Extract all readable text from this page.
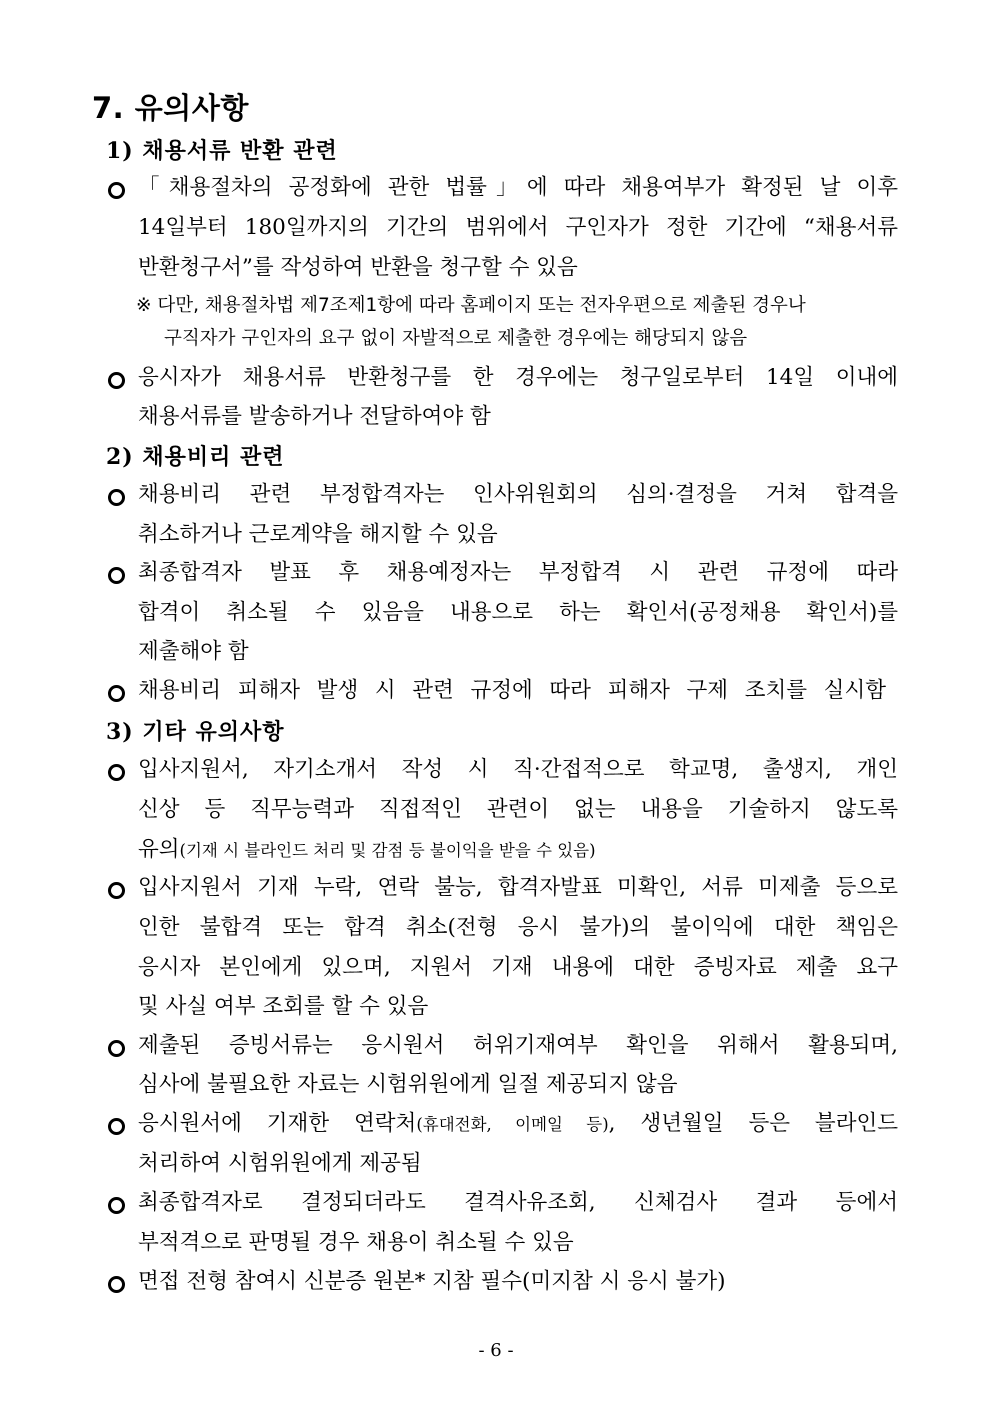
7. 유의사항
1) 채용서류 반환 관련
「채용절차의 공정화에 관한 법률」에 따라 채용여부가 확정된 날 이후
14일부터 180일까지의 기간의 범위에서 구인자가 정한 기간에 “채용서류
반환청구서”를 작성하여 반환을 청구할 수 있음
※ 다만, 채용절차법 제7조제1항에 따라 홈페이지 또는 전자우편으로 제출된 경우나
구직자가 구인자의 요구 없이 자발적으로 제출한 경우에는 해당되지 않음
응시자가 채용서류 반환청구를 한 경우에는 청구일로부터 14일 이내에
채용서류를 발송하거나 전달하여야 함
2) 채용비리 관련
채용비리 관련 부정합격자는 인사위원회의 심의·결정을 거쳐 합격을
취소하거나 근로계약을 해지할 수 있음
최종합격자 발표 후 채용예정자는 부정합격 시 관련 규정에 따라
합격이 취소될 수 있음을 내용으로 하는 확인서(공정채용 확인서)를
제출해야 함
채용비리 피해자 발생 시 관련 규정에 따라 피해자 구제 조치를 실시함
3) 기타 유의사항
입사지원서, 자기소개서 작성 시 직·간접적으로 학교명, 출생지, 개인
신상 등 직무능력과 직접적인 관련이 없는 내용을 기술하지 않도록
유의(기재 시 블라인드 처리 및 감점 등 불이익을 받을 수 있음)
입사지원서 기재 누락, 연락 불능, 합격자발표 미확인, 서류 미제출 등으로
인한 불합격 또는 합격 취소(전형 응시 불가)의 불이익에 대한 책임은
응시자 본인에게 있으며, 지원서 기재 내용에 대한 증빙자료 제출 요구
및 사실 여부 조회를 할 수 있음
제출된 증빙서류는 응시원서 허위기재여부 확인을 위해서 활용되며,
심사에 불필요한 자료는 시험위원에게 일절 제공되지 않음
응시원서에 기재한 연락처(휴대전화, 이메일 등), 생년월일 등은 블라인드
처리하여 시험위원에게 제공됨
최종합격자로 결정되더라도 결격사유조회, 신체검사 결과 등에서
부적격으로 판명될 경우 채용이 취소될 수 있음
면접 전형 참여시 신분증 원본* 지참 필수(미지참 시 응시 불가)
- 6 -
